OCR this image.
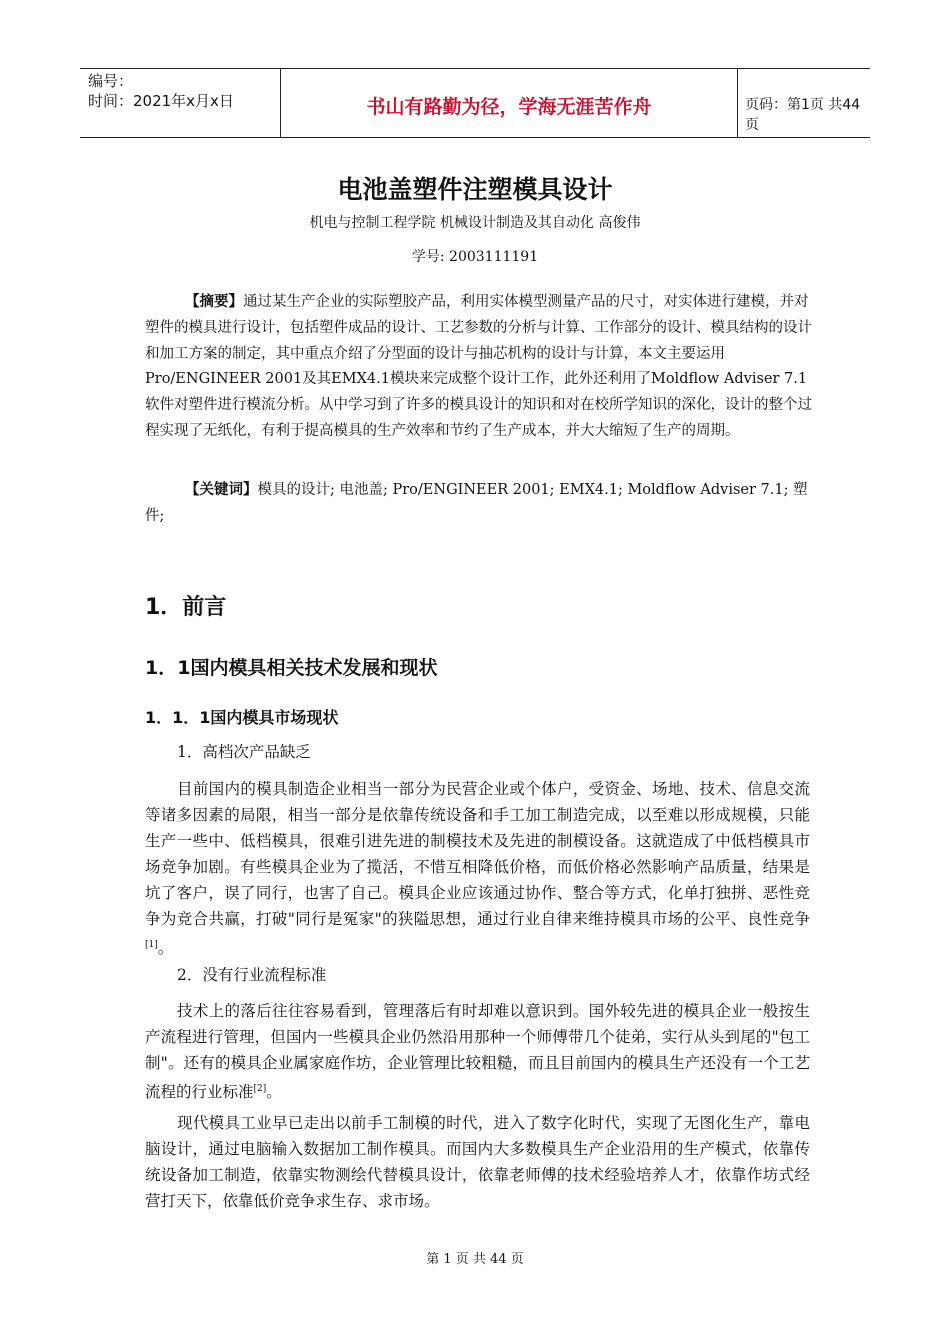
编号：
时间：2021年x月x日	书山有路勤为径，学海无涯苦作舟	页码：第1页 共44页
电池盖塑件注塑模具设计
机电与控制工程学院 机械设计制造及其自动化 高俊伟
学号: 2003111191
【摘要】通过某生产企业的实际塑胶产品，利用实体模型测量产品的尺寸，对实体进行建模，并对塑件的模具进行设计，包括塑件成品的设计、工艺参数的分析与计算、工作部分的设计、模具结构的设计和加工方案的制定，其中重点介绍了分型面的设计与抽芯机构的设计与计算，本文主要运用Pro/ENGINEER 2001及其EMX4.1模块来完成整个设计工作，此外还利用了Moldflow Adviser 7.1软件对塑件进行模流分析。从中学习到了许多的模具设计的知识和对在校所学知识的深化，设计的整个过程实现了无纸化，有利于提高模具的生产效率和节约了生产成本，并大大缩短了生产的周期。
【关键词】模具的设计; 电池盖; Pro/ENGINEER 2001; EMX4.1; Moldflow Adviser 7.1; 塑件;
1．前言
1．1国内模具相关技术发展和现状
1．1．1国内模具市场现状
1．高档次产品缺乏
目前国内的模具制造企业相当一部分为民营企业或个体户，受资金、场地、技术、信息交流等诸多因素的局限，相当一部分是依靠传统设备和手工加工制造完成，以至难以形成规模，只能生产一些中、低档模具，很难引进先进的制模技术及先进的制模设备。这就造成了中低档模具市场竞争加剧。有些模具企业为了揽活，不惜互相降低价格，而低价格必然影响产品质量，结果是坑了客户，误了同行，也害了自己。模具企业应该通过协作、整合等方式，化单打独拼、恶性竞争为竞合共赢，打破"同行是冤家"的狭隘思想，通过行业自律来维持模具市场的公平、良性竞争[1]。
2．没有行业流程标准
技术上的落后往往容易看到，管理落后有时却难以意识到。国外较先进的模具企业一般按生产流程进行管理，但国内一些模具企业仍然沿用那种一个师傅带几个徒弟，实行从头到尾的"包工制"。还有的模具企业属家庭作坊，企业管理比较粗糙，而且目前国内的模具生产还没有一个工艺流程的行业标准[2]。
现代模具工业早已走出以前手工制模的时代，进入了数字化时代，实现了无图化生产，靠电脑设计，通过电脑输入数据加工制作模具。而国内大多数模具生产企业沿用的生产模式，依靠传统设备加工制造，依靠实物测绘代替模具设计，依靠老师傅的技术经验培养人才，依靠作坊式经营打天下，依靠低价竞争求生存、求市场。
第 1 页 共 44 页
